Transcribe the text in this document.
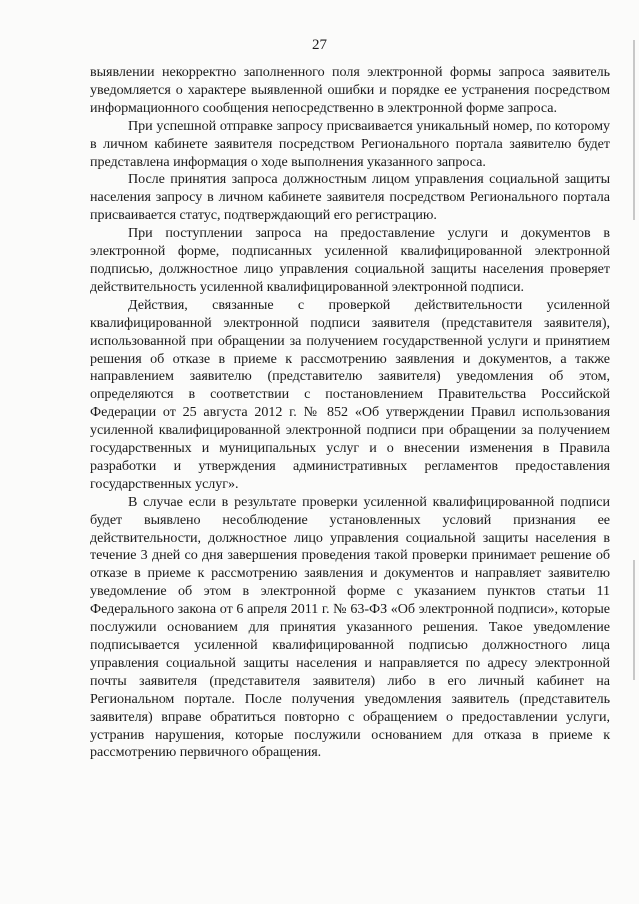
27

выявлении некорректно заполненного поля электронной формы запроса заявитель уведомляется о характере выявленной ошибки и порядке ее устранения посредством информационного сообщения непосредственно в электронной форме запроса.

При успешной отправке запросу присваивается уникальный номер, по которому в личном кабинете заявителя посредством Регионального портала заявителю будет представлена информация о ходе выполнения указанного запроса.

После принятия запроса должностным лицом управления социальной защиты населения запросу в личном кабинете заявителя посредством Регионального портала присваивается статус, подтверждающий его регистрацию.

При поступлении запроса на предоставление услуги и документов в электронной форме, подписанных усиленной квалифицированной электронной подписью, должностное лицо управления социальной защиты населения проверяет действительность усиленной квалифицированной электронной подписи.

Действия, связанные с проверкой действительности усиленной квалифицированной электронной подписи заявителя (представителя заявителя), использованной при обращении за получением государственной услуги и принятием решения об отказе в приеме к рассмотрению заявления и документов, а также направлением заявителю (представителю заявителя) уведомления об этом, определяются в соответствии с постановлением Правительства Российской Федерации от 25 августа 2012 г. № 852 «Об утверждении Правил использования усиленной квалифицированной электронной подписи при обращении за получением государственных и муниципальных услуг и о внесении изменения в Правила разработки и утверждения административных регламентов предоставления государственных услуг».

В случае если в результате проверки усиленной квалифицированной подписи будет выявлено несоблюдение установленных условий признания ее действительности, должностное лицо управления социальной защиты населения в течение 3 дней со дня завершения проведения такой проверки принимает решение об отказе в приеме к рассмотрению заявления и документов и направляет заявителю уведомление об этом в электронной форме с указанием пунктов статьи 11 Федерального закона от 6 апреля 2011 г. № 63-ФЗ «Об электронной подписи», которые послужили основанием для принятия указанного решения. Такое уведомление подписывается усиленной квалифицированной подписью должностного лица управления социальной защиты населения и направляется по адресу электронной почты заявителя (представителя заявителя) либо в его личный кабинет на Региональном портале. После получения уведомления заявитель (представитель заявителя) вправе обратиться повторно с обращением о предоставлении услуги, устранив нарушения, которые послужили основанием для отказа в приеме к рассмотрению первичного обращения.
